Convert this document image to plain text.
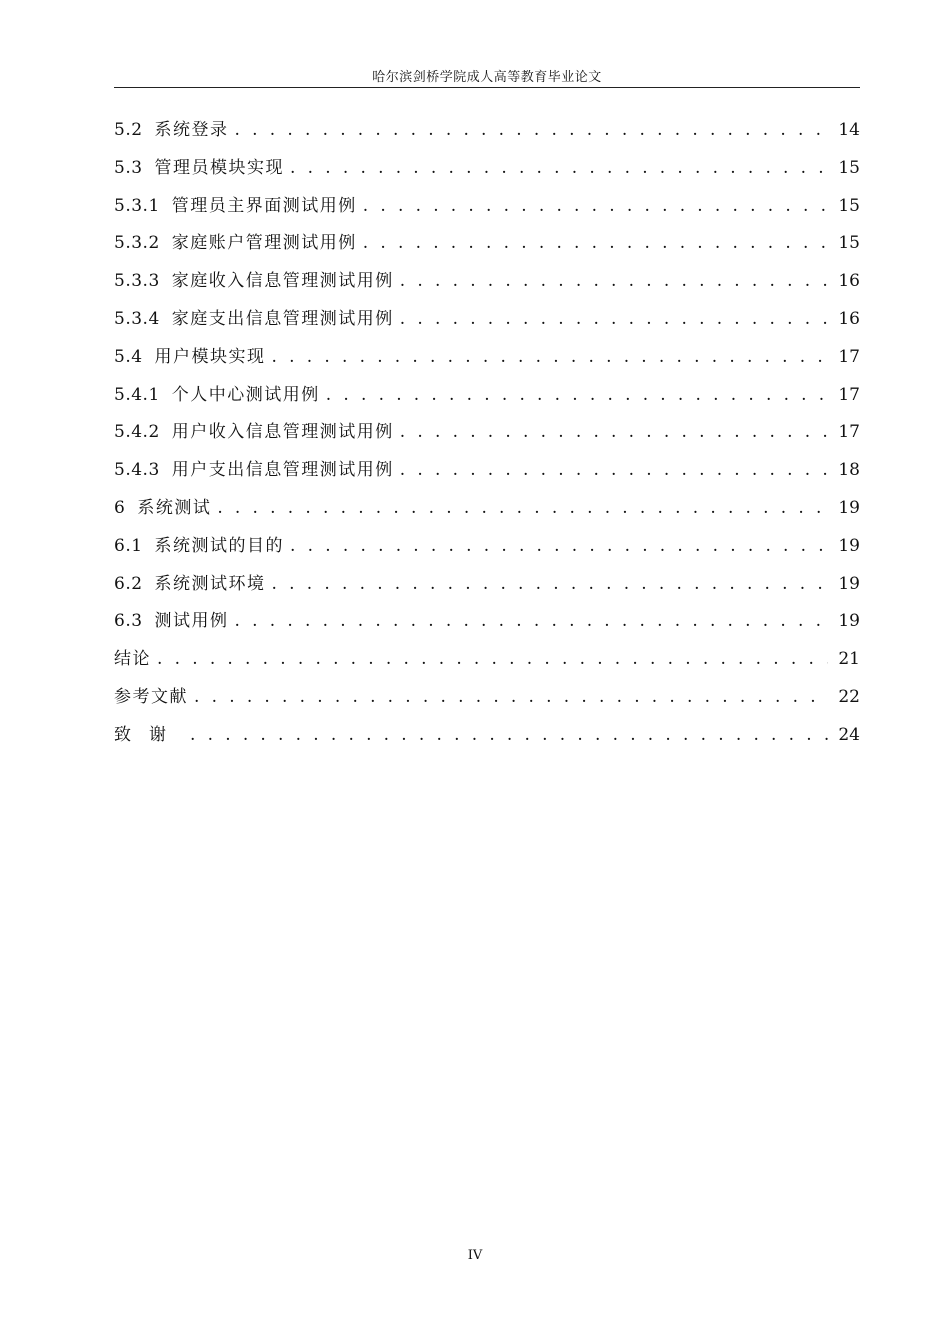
哈尔滨剑桥学院成人高等教育毕业论文
5.2 系统登录 . . .	14
5.3 管理员模块实现 . . .	15
5.3.1 管理员主界面测试用例 . . .	15
5.3.2 家庭账户管理测试用例 . . .	15
5.3.3 家庭收入信息管理测试用例 . . .	16
5.3.4 家庭支出信息管理测试用例 . . .	16
5.4 用户模块实现 . . .	17
5.4.1 个人中心测试用例 . . .	17
5.4.2 用户收入信息管理测试用例 . . .	17
5.4.3 用户支出信息管理测试用例 . . .	18
6 系统测试 . . .	19
6.1 系统测试的目的 . . .	19
6.2 系统测试环境 . . .	19
6.3 测试用例 . . .	19
结论 . . .	21
参考文献 . . .	22
致谢 . . .	24
IV
